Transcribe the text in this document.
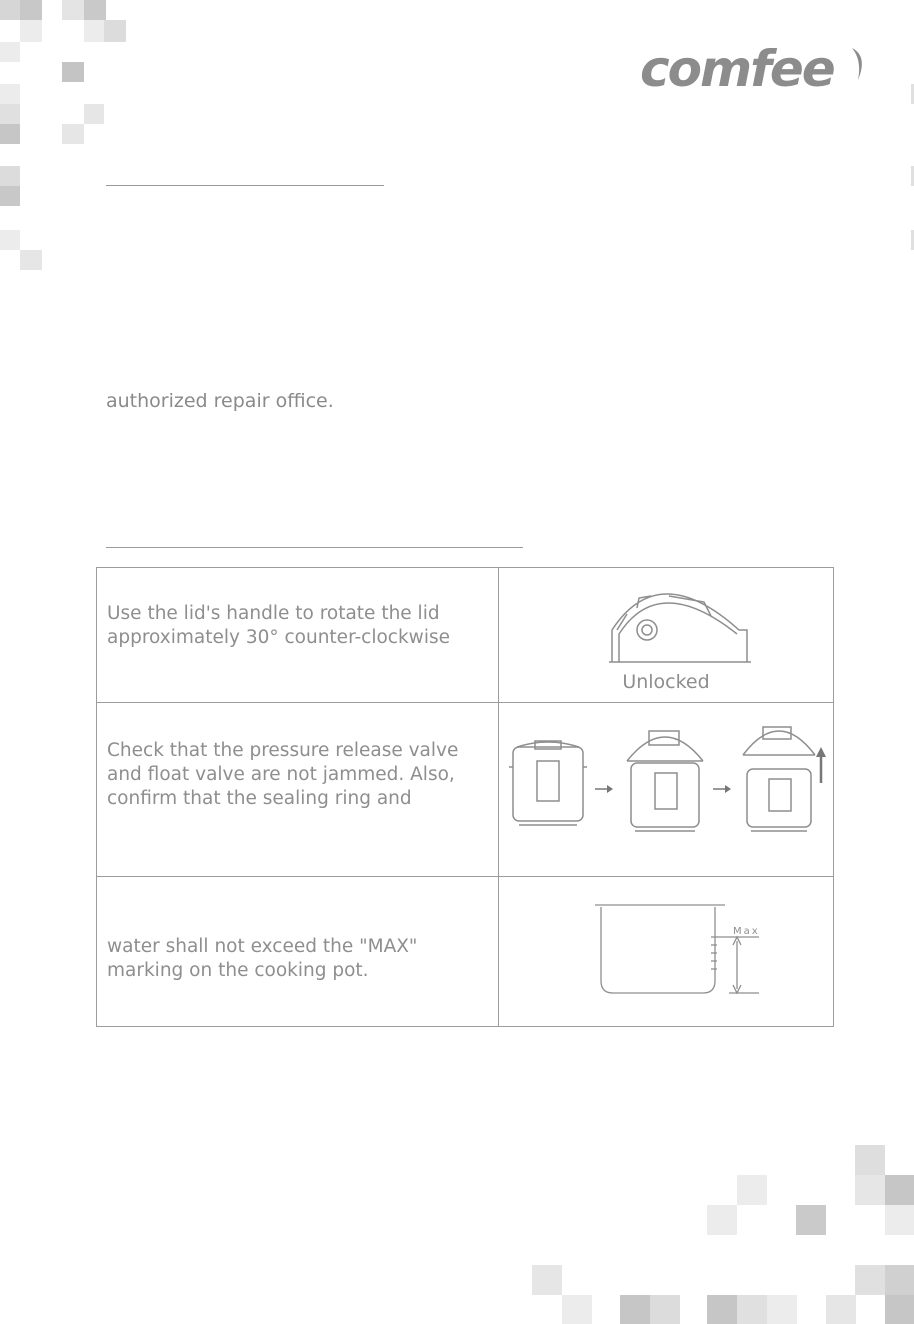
comfee
authorized repair office.
Use the lid's handle to rotate the lid
approximately 30° counter-clockwise	Unlocked

Check that the pressure release valve
and float valve are not jammed. Also,
confirm that the sealing ring and

water shall not exceed the "MAX"
marking on the cooking pot.	Max
